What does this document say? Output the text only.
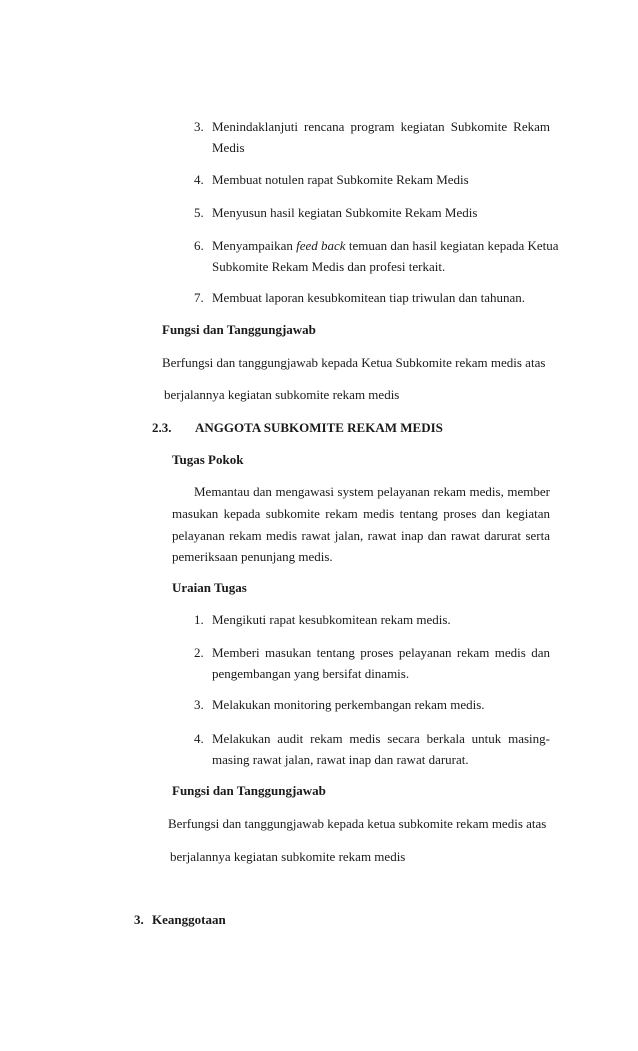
3. Menindaklanjuti rencana program kegiatan Subkomite Rekam
Medis
4. Membuat notulen rapat Subkomite Rekam Medis
5. Menyusun hasil kegiatan Subkomite Rekam Medis
6. Menyampaikan feed back temuan dan hasil kegiatan kepada Ketua
Subkomite Rekam Medis dan profesi terkait.
7. Membuat laporan kesubkomitean tiap triwulan dan tahunan.
Fungsi dan Tanggungjawab
Berfungsi dan tanggungjawab kepada Ketua Subkomite rekam medis atas
berjalannya kegiatan subkomite rekam medis
2.3. ANGGOTA SUBKOMITE REKAM MEDIS
Tugas Pokok
Memantau dan mengawasi system pelayanan rekam medis, member
masukan kepada subkomite rekam medis tentang proses dan kegiatan
pelayanan rekam medis rawat jalan, rawat inap dan rawat darurat serta
pemeriksaan penunjang medis.
Uraian Tugas
1. Mengikuti rapat kesubkomitean rekam medis.
2. Memberi masukan tentang proses pelayanan rekam medis dan
pengembangan yang bersifat dinamis.
3. Melakukan monitoring perkembangan rekam medis.
4. Melakukan audit rekam medis secara berkala untuk masing-
masing rawat jalan, rawat inap dan rawat darurat.
Fungsi dan Tanggungjawab
Berfungsi dan tanggungjawab kepada ketua subkomite rekam medis atas
berjalannya kegiatan subkomite rekam medis
3. Keanggotaan
